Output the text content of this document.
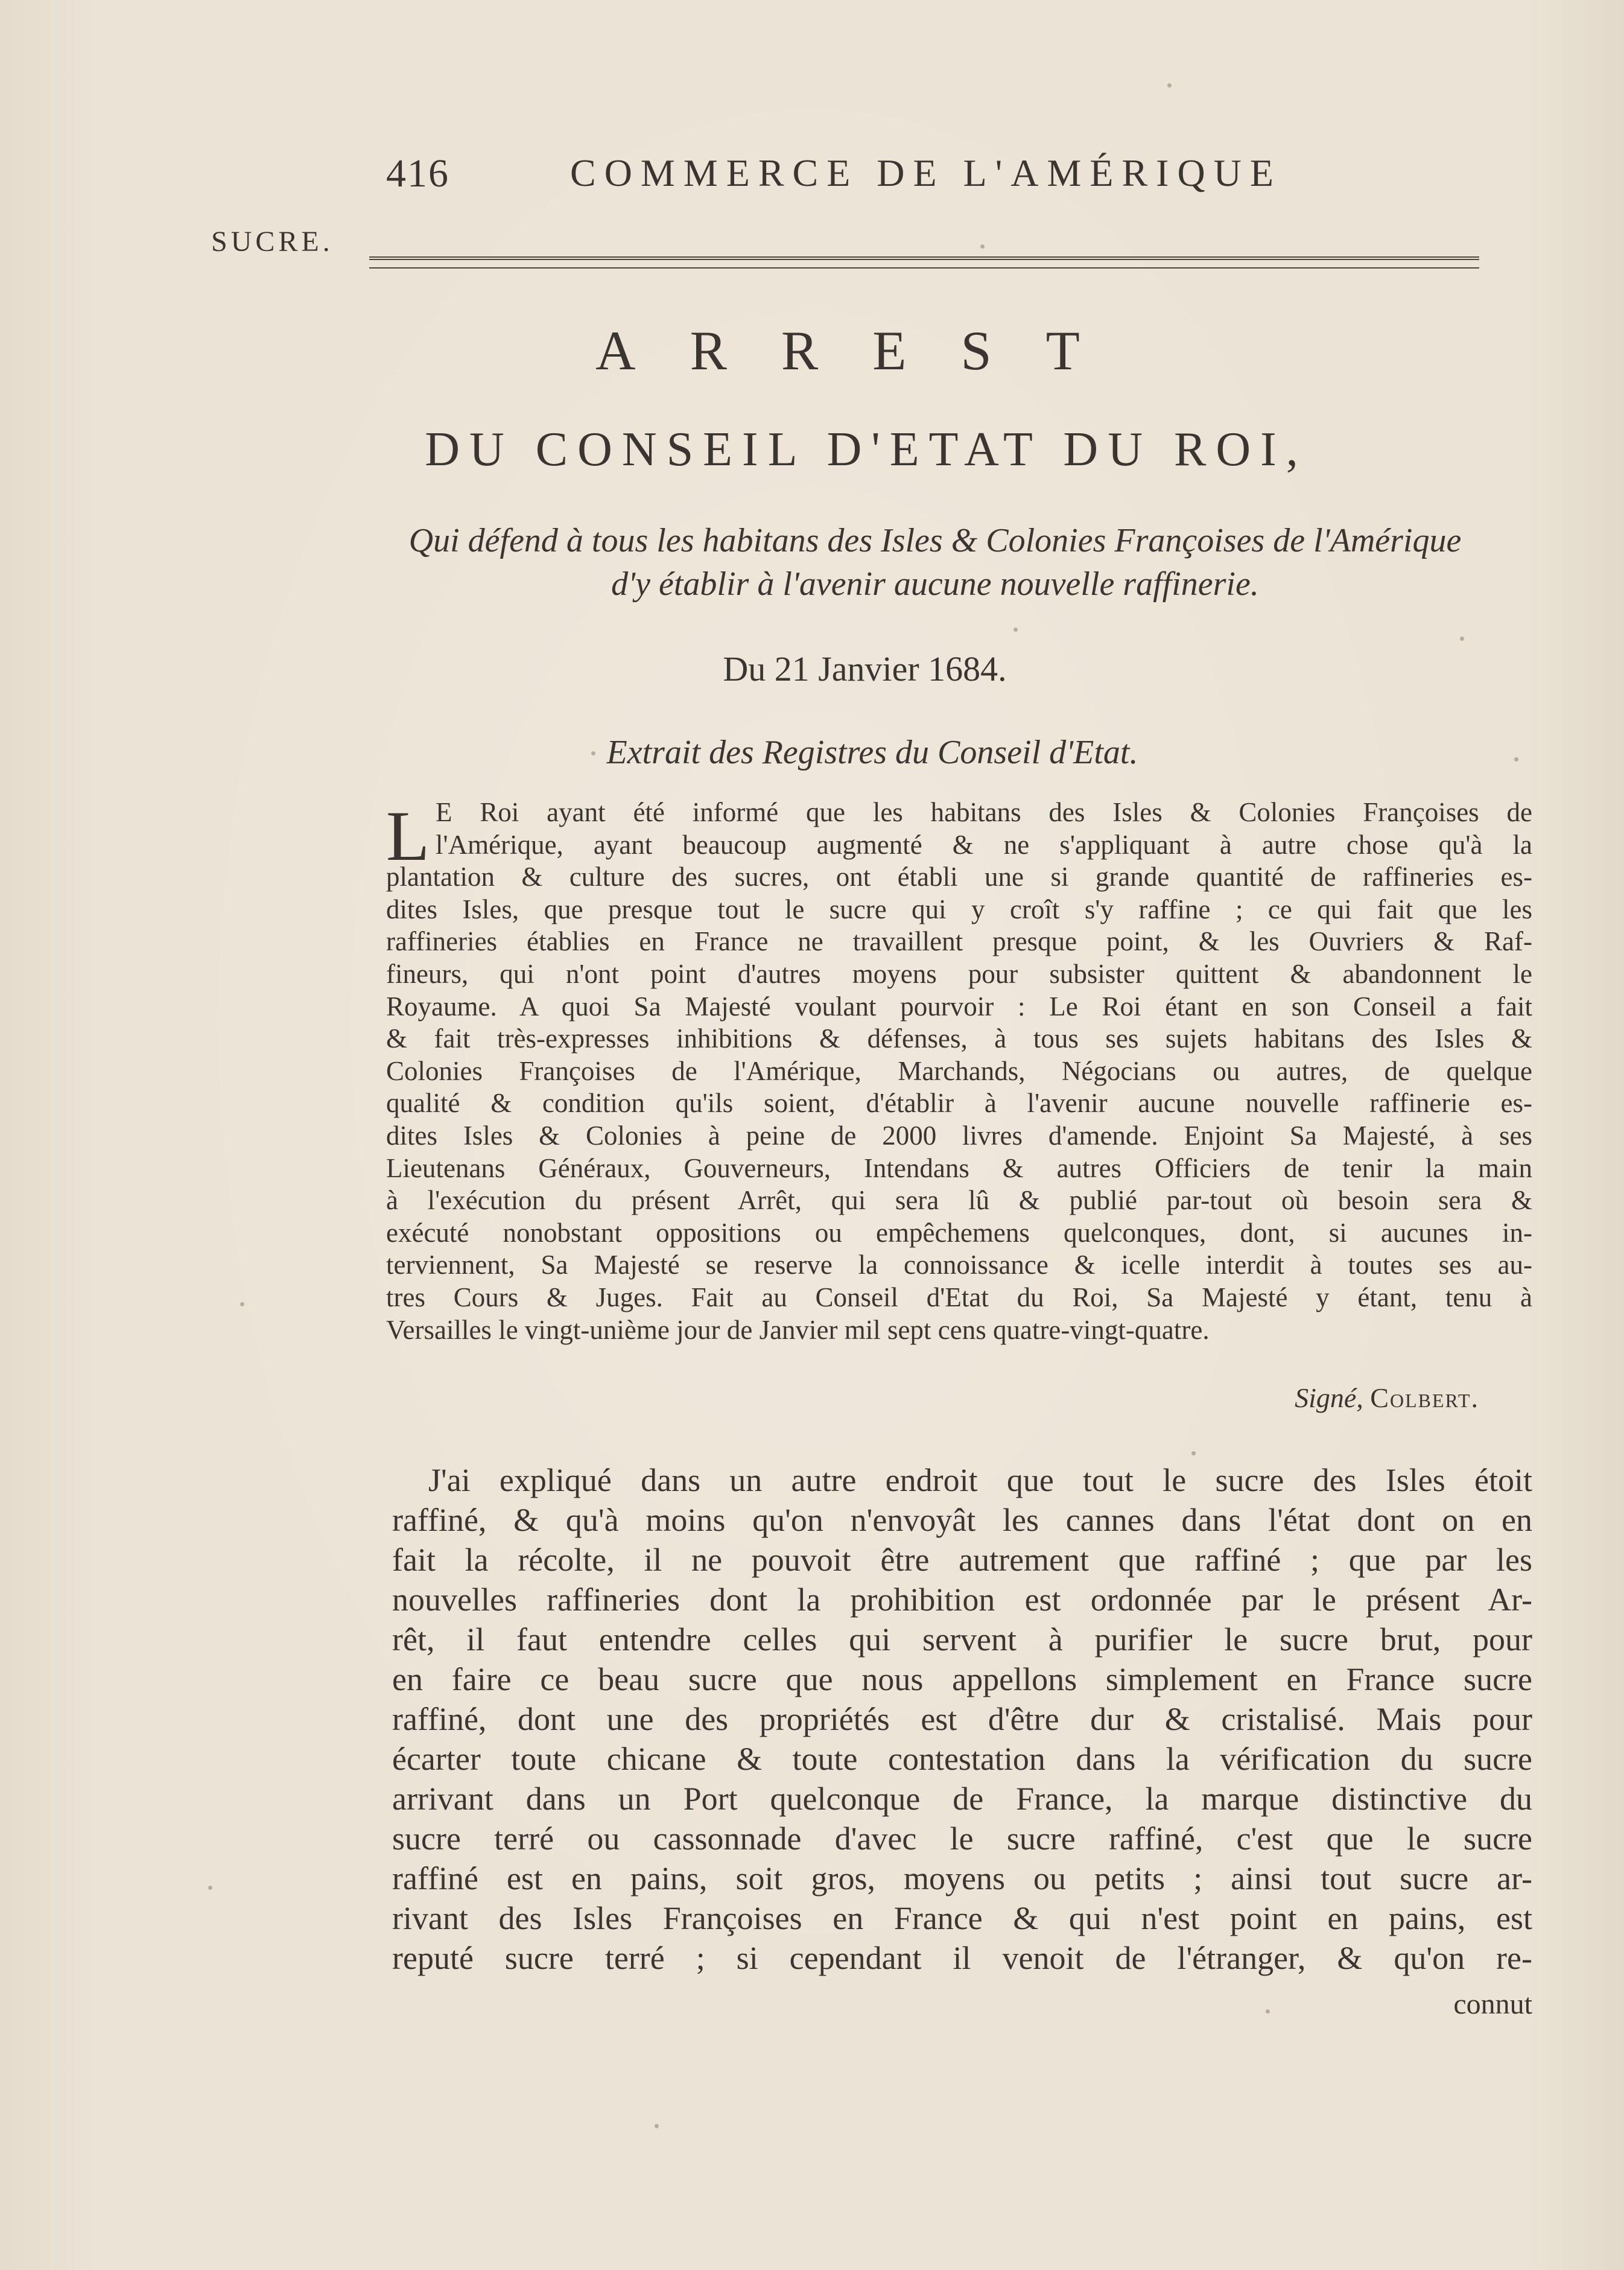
416	COMMERCE DE L'AMÉRIQUE
SUCRE.
ARREST
DU CONSEIL D'ETAT DU ROI,
Qui défend à tous les habitans des Isles & Colonies Françoises de l'Amérique d'y établir à l'avenir aucune nouvelle raffinerie.
Du 21 Janvier 1684.
Extrait des Registres du Conseil d'Etat.
L E Roi ayant été informé que les habitans des Isles & Colonies Françoises de
l'Amérique, ayant beaucoup augmenté & ne s'appliquant à autre chose qu'à la
plantation & culture des sucres, ont établi une si grande quantité de raffineries es-
dites Isles, que presque tout le sucre qui y croît s'y raffine ; ce qui fait que les
raffineries établies en France ne travaillent presque point, & les Ouvriers & Raf-
fineurs, qui n'ont point d'autres moyens pour subsister quittent & abandonnent le
Royaume. A quoi Sa Majesté voulant pourvoir : Le Roi étant en son Conseil a fait
& fait très-expresses inhibitions & défenses, à tous ses sujets habitans des Isles &
Colonies Françoises de l'Amérique, Marchands, Négocians ou autres, de quelque
qualité & condition qu'ils soient, d'établir à l'avenir aucune nouvelle raffinerie es-
dites Isles & Colonies à peine de 2000 livres d'amende. Enjoint Sa Majesté, à ses
Lieutenans Généraux, Gouverneurs, Intendans & autres Officiers de tenir la main
à l'exécution du présent Arrêt, qui sera lû & publié par-tout où besoin sera &
exécuté nonobstant oppositions ou empêchemens quelconques, dont, si aucunes in-
terviennent, Sa Majesté se reserve la connoissance & icelle interdit à toutes ses au-
tres Cours & Juges. Fait au Conseil d'Etat du Roi, Sa Majesté y étant, tenu à
Versailles le vingt-unième jour de Janvier mil sept cens quatre-vingt-quatre.
Signé, Colbert.
J'ai expliqué dans un autre endroit que tout le sucre des Isles étoit
raffiné, & qu'à moins qu'on n'envoyât les cannes dans l'état dont on en
fait la récolte, il ne pouvoit être autrement que raffiné ; que par les
nouvelles raffineries dont la prohibition est ordonnée par le présent Ar-
rêt, il faut entendre celles qui servent à purifier le sucre brut, pour
en faire ce beau sucre que nous appellons simplement en France sucre
raffiné, dont une des propriétés est d'être dur & cristalisé. Mais pour
écarter toute chicane & toute contestation dans la vérification du sucre
arrivant dans un Port quelconque de France, la marque distinctive du
sucre terré ou cassonnade d'avec le sucre raffiné, c'est que le sucre
raffiné est en pains, soit gros, moyens ou petits ; ainsi tout sucre ar-
rivant des Isles Françoises en France & qui n'est point en pains, est
reputé sucre terré ; si cependant il venoit de l'étranger, & qu'on re-
connut
